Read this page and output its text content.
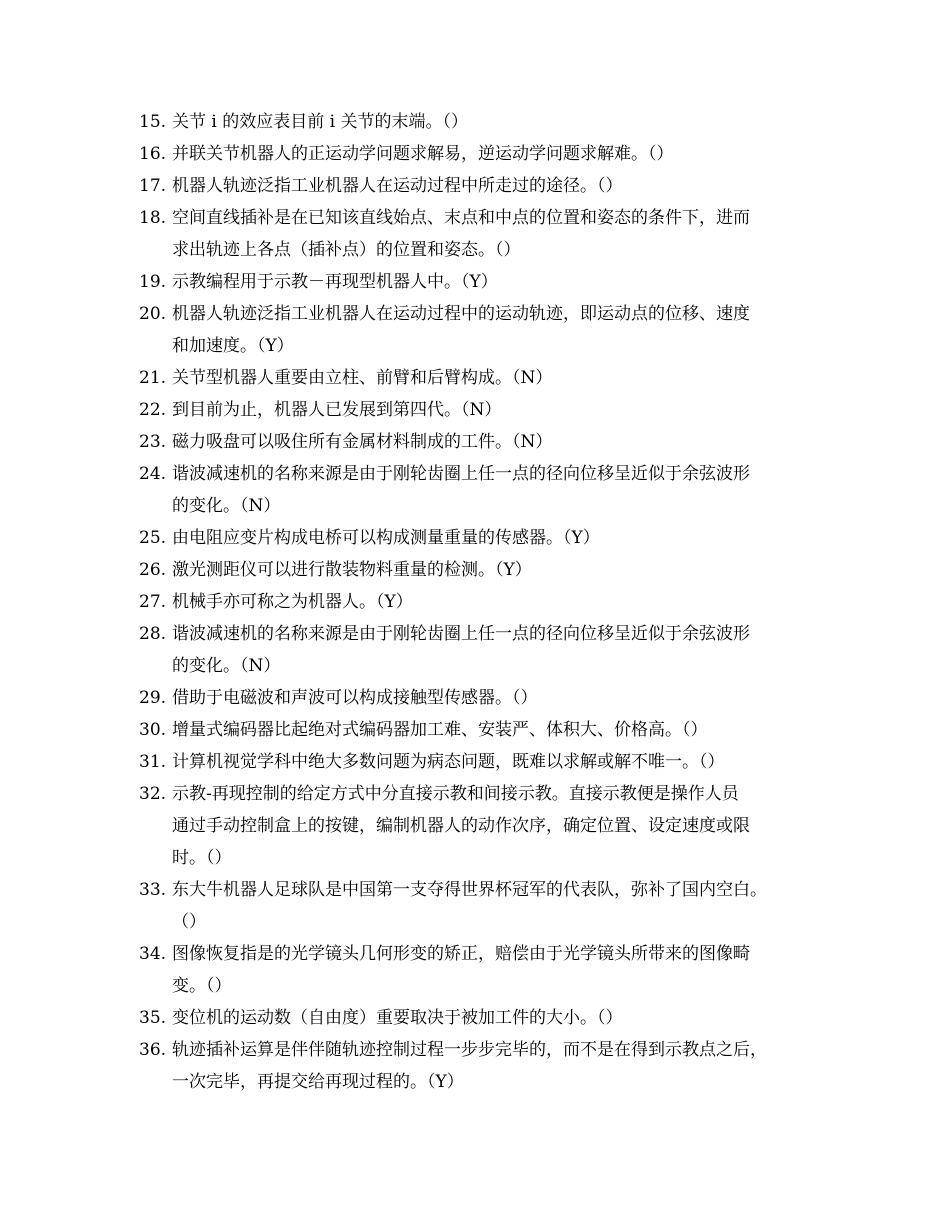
15. 关节 i 的效应表目前 i 关节的末端。（）
16. 并联关节机器人的正运动学问题求解易，逆运动学问题求解难。（）
17. 机器人轨迹泛指工业机器人在运动过程中所走过的途径。（）
18. 空间直线插补是在已知该直线始点、末点和中点的位置和姿态的条件下，进而
求出轨迹上各点（插补点）的位置和姿态。（）
19. 示教编程用于示教－再现型机器人中。（Y）
20. 机器人轨迹泛指工业机器人在运动过程中的运动轨迹，即运动点的位移、速度
和加速度。（Y）
21. 关节型机器人重要由立柱、前臂和后臂构成。（N）
22. 到目前为止，机器人已发展到第四代。（N）
23. 磁力吸盘可以吸住所有金属材料制成的工件。（N）
24. 谐波减速机的名称来源是由于刚轮齿圈上任一点的径向位移呈近似于余弦波形
的变化。（N）
25. 由电阻应变片构成电桥可以构成测量重量的传感器。（Y）
26. 激光测距仪可以进行散装物料重量的检测。（Y）
27. 机械手亦可称之为机器人。（Y）
28. 谐波减速机的名称来源是由于刚轮齿圈上任一点的径向位移呈近似于余弦波形
的变化。（N）
29. 借助于电磁波和声波可以构成接触型传感器。（）
30. 增量式编码器比起绝对式编码器加工难、安装严、体积大、价格高。（）
31. 计算机视觉学科中绝大多数问题为病态问题，既难以求解或解不唯一。（）
32. 示教-再现控制的给定方式中分直接示教和间接示教。直接示教便是操作人员
通过手动控制盒上的按键，编制机器人的动作次序，确定位置、设定速度或限
时。（）
33. 东大牛机器人足球队是中国第一支夺得世界杯冠军的代表队，弥补了国内空白。
（）
34. 图像恢复指是的光学镜头几何形变的矫正，赔偿由于光学镜头所带来的图像畸
变。（）
35. 变位机的运动数（自由度）重要取决于被加工件的大小。（）
36. 轨迹插补运算是伴伴随轨迹控制过程一步步完毕的，而不是在得到示教点之后，
一次完毕，再提交给再现过程的。（Y）
